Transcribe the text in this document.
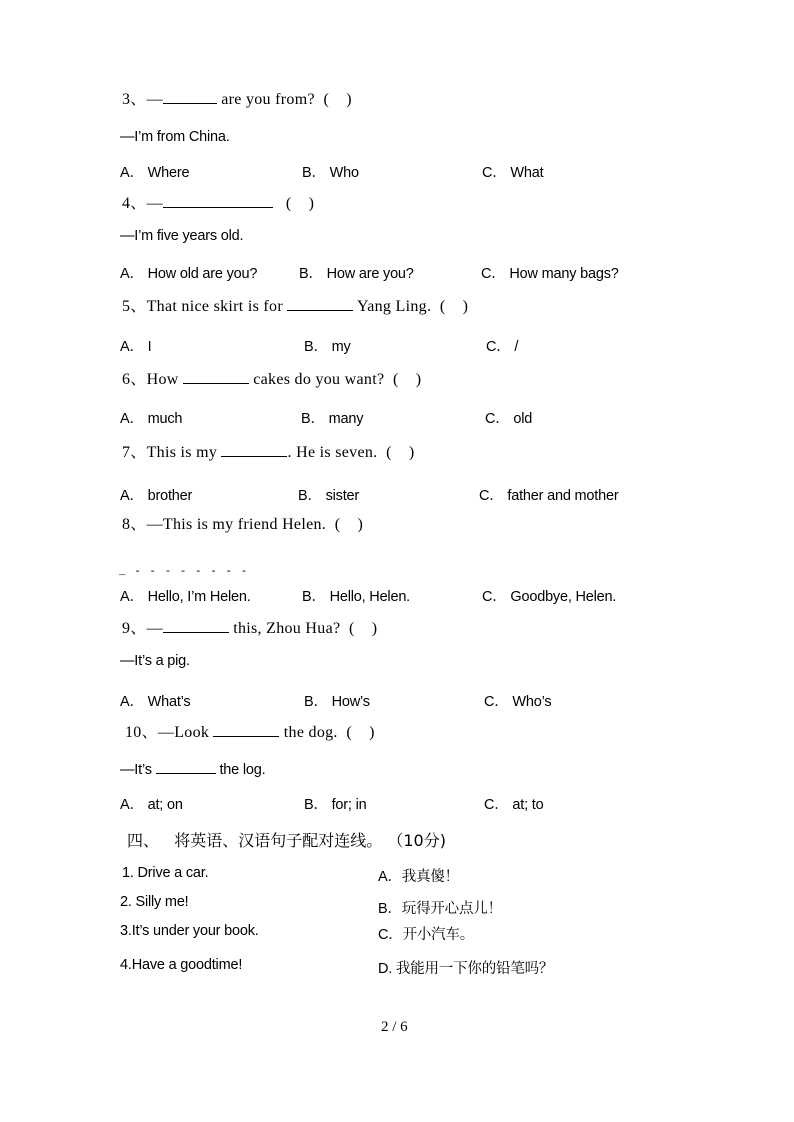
3、—	are you from? (    )
—I’m from China.
A． Where	B． Who	C． What
4、—	(    )
—I’m five years old.
A． How old are you?	B． How are you?	C． How many bags?
5、That nice skirt is for	Yang Ling. (    )
A． I	B． my	C． /
6、How	cakes do you want? (    )
A． much	B． many	C． old
7、This is my	. He is seven. (    )
A． brother	B． sister	C． father and mother
8、—This is my friend Helen. (    )
_ - - - - - - - -
A． Hello, I’m Helen.	B． Hello, Helen.	C． Goodbye, Helen.
9、—	this, Zhou Hua? (    )
—It’s a pig.
A． What’s	B． How’s	C． Who’s
10、—Look	the dog. (    )
—It’s	the log.
A． at; on	B． for; in	C． at; to
四、   将英语、汉语句子配对连线。 （10分)
1. Drive a car.
2. Silly me!
3.It’s under your book.
4.Have a goodtime!
A．我真傻！
B．玩得开心点儿！
C．开小汽车。
D. 我能用一下你的铅笔吗？
2 / 6
